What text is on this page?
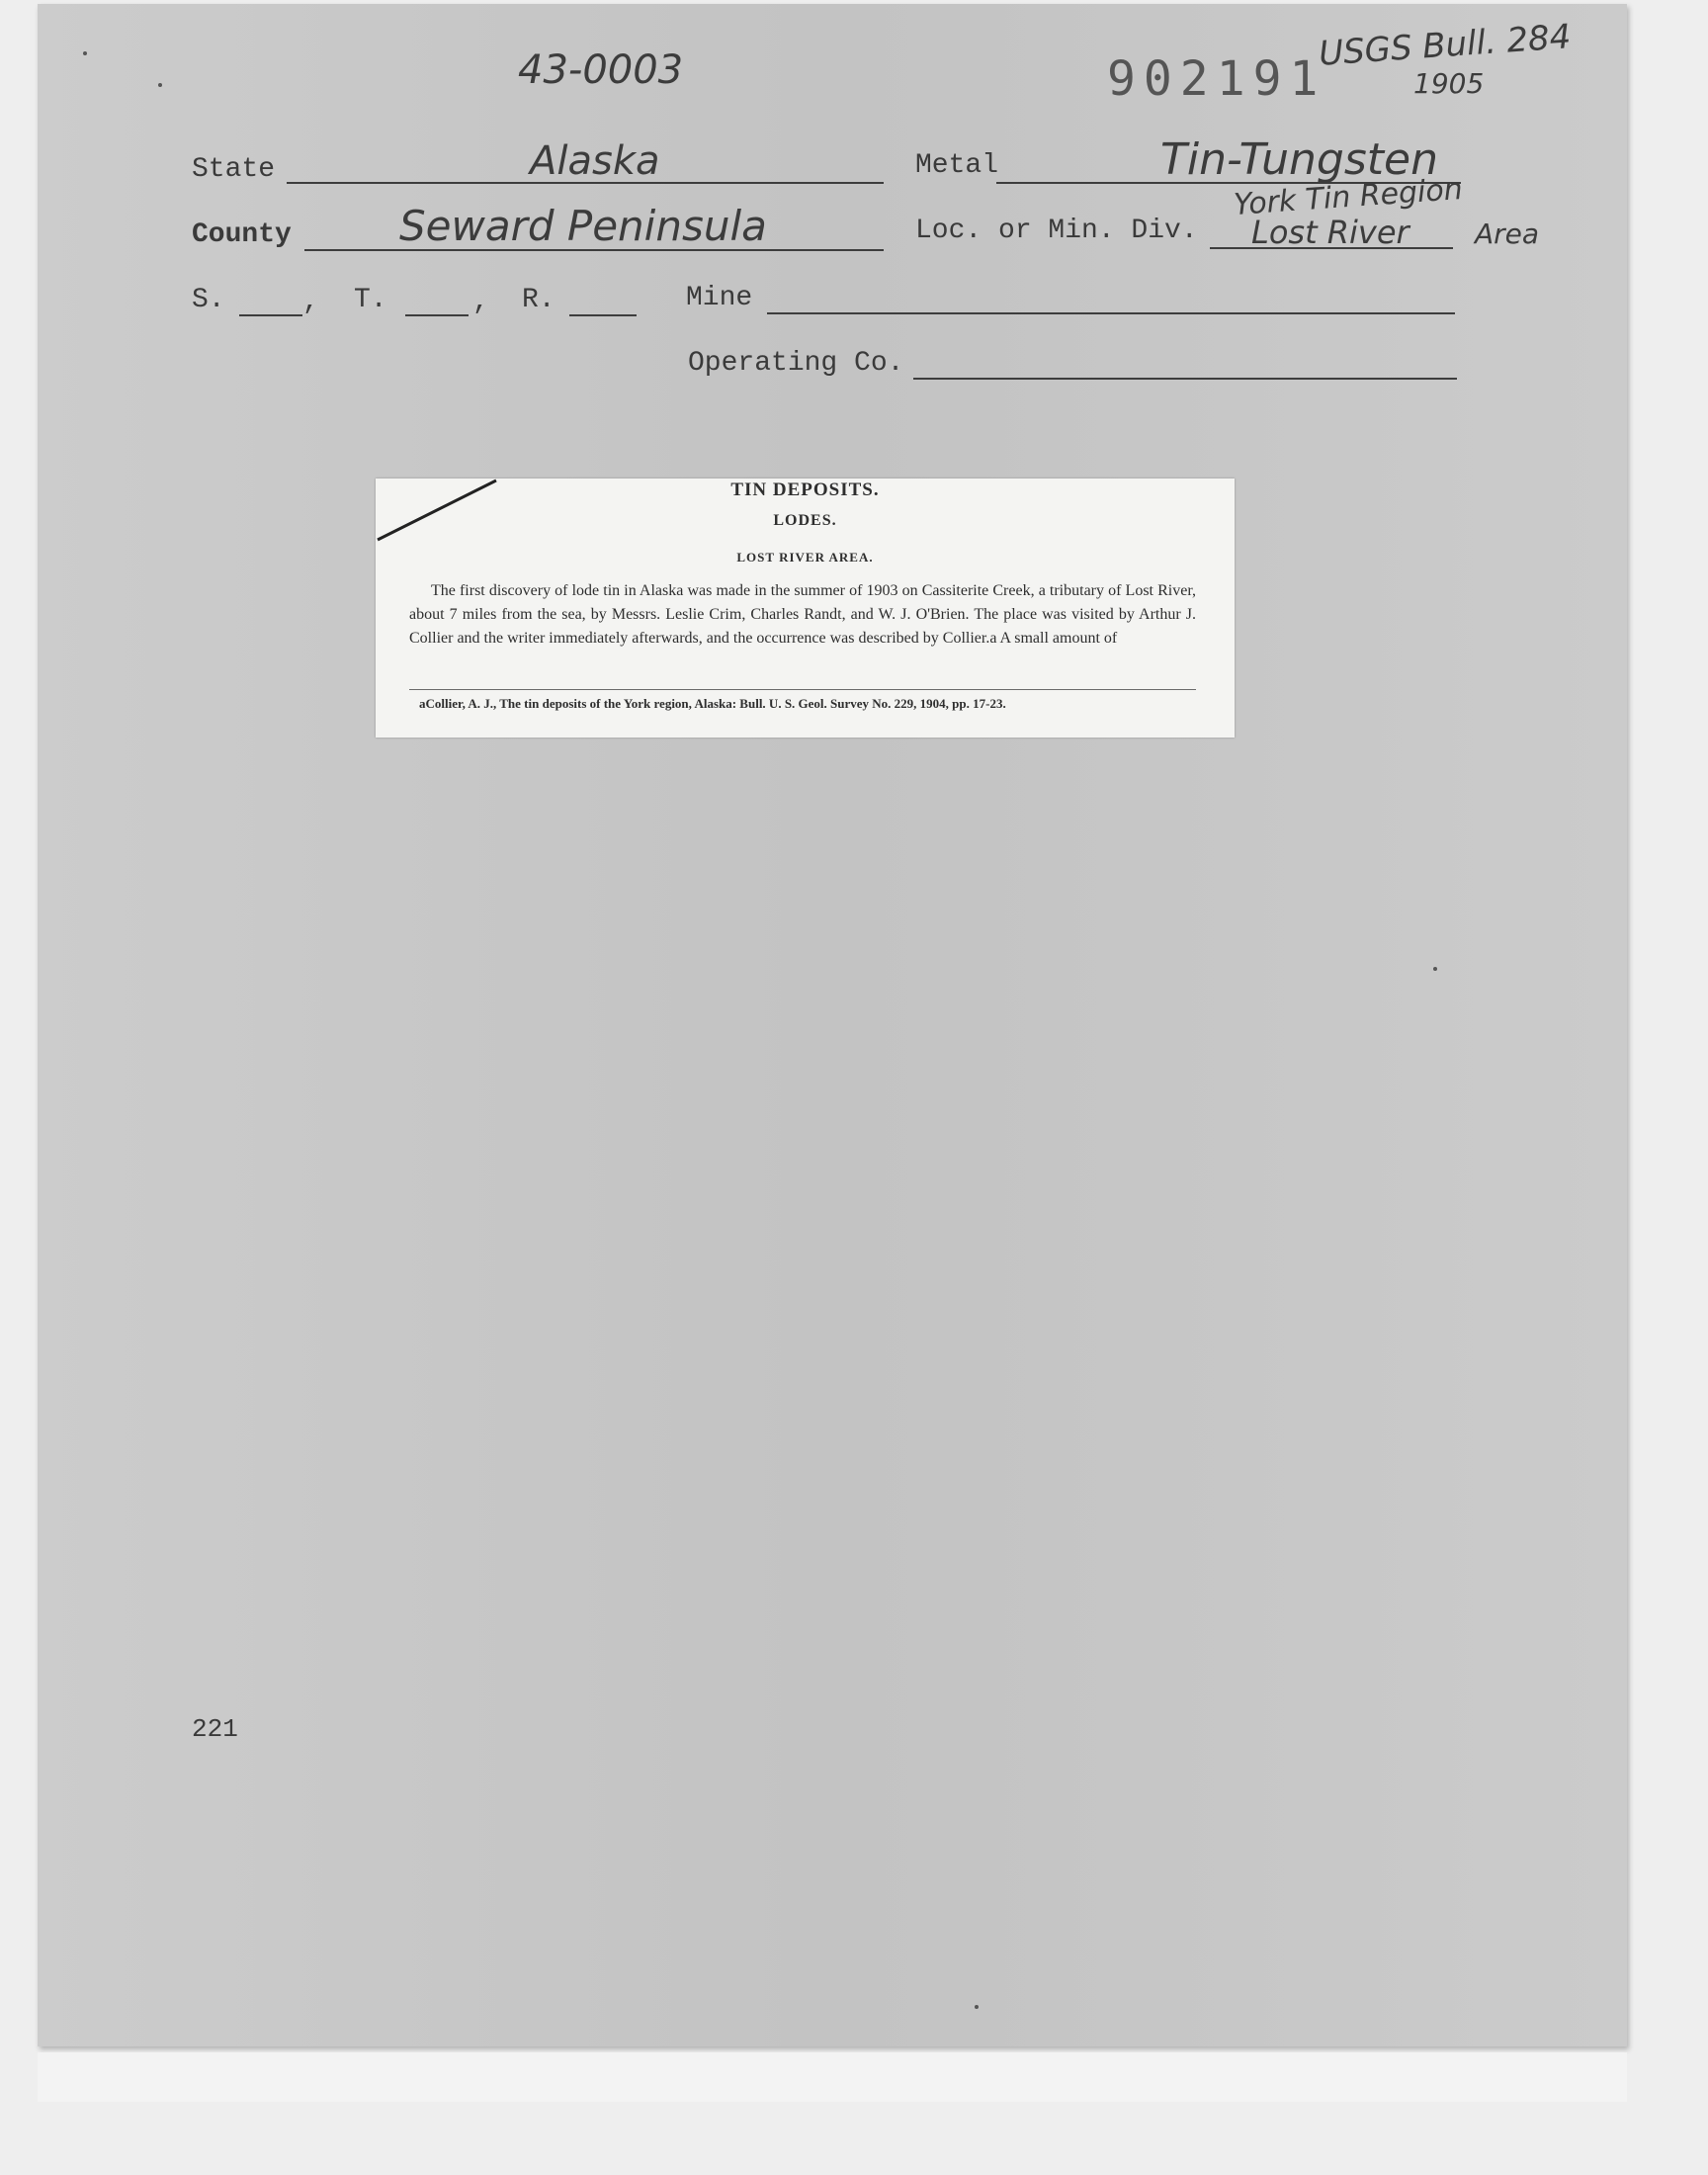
43-0003	902191
USGS Bull. 284
1905
State	Alaska	Metal	Tin-Tungsten
County	Seward Peninsula	Loc. or Min. Div.
York Tin Region
Lost River Area
S.	, T.	, R.	Mine
Operating Co.
221
TIN DEPOSITS.
LODES.
LOST RIVER AREA.
The first discovery of lode tin in Alaska was made in the summer of 1903 on Cassiterite Creek, a tributary of Lost River, about 7 miles from the sea, by Messrs. Leslie Crim, Charles Randt, and W. J. O'Brien. The place was visited by Arthur J. Collier and the writer immediately afterwards, and the occurrence was described by Collier.a A small amount of
aCollier, A. J., The tin deposits of the York region, Alaska: Bull. U. S. Geol. Survey No. 229, 1904, pp. 17-23.
